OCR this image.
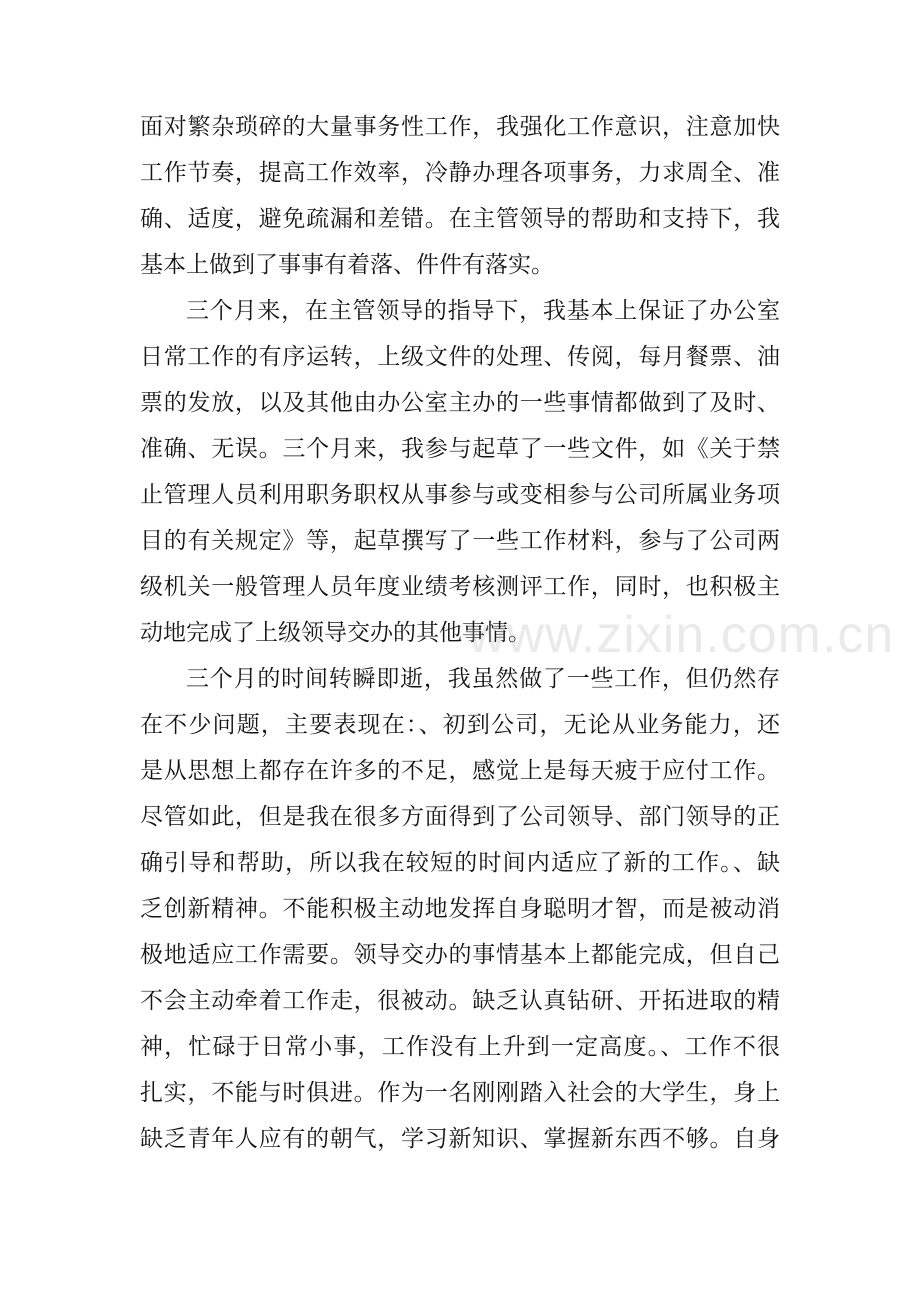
面对繁杂琐碎的大量事务性工作，我强化工作意识，注意加快
工作节奏，提高工作效率，冷静办理各项事务，力求周全、准
确、适度，避免疏漏和差错。在主管领导的帮助和支持下，我
基本上做到了事事有着落、件件有落实。
三个月来，在主管领导的指导下，我基本上保证了办公室
日常工作的有序运转，上级文件的处理、传阅，每月餐票、油
票的发放，以及其他由办公室主办的一些事情都做到了及时、
准确、无误。三个月来，我参与起草了一些文件，如《关于禁
止管理人员利用职务职权从事参与或变相参与公司所属业务项
目的有关规定》等，起草撰写了一些工作材料，参与了公司两
级机关一般管理人员年度业绩考核测评工作，同时，也积极主
动地完成了上级领导交办的其他事情。
三个月的时间转瞬即逝，我虽然做了一些工作，但仍然存
在不少问题，主要表现在：、初到公司，无论从业务能力，还
是从思想上都存在许多的不足，感觉上是每天疲于应付工作。
尽管如此，但是我在很多方面得到了公司领导、部门领导的正
确引导和帮助，所以我在较短的时间内适应了新的工作。、缺
乏创新精神。不能积极主动地发挥自身聪明才智，而是被动消
极地适应工作需要。领导交办的事情基本上都能完成，但自己
不会主动牵着工作走，很被动。缺乏认真钻研、开拓进取的精
神，忙碌于日常小事，工作没有上升到一定高度。、工作不很
扎实，不能与时俱进。作为一名刚刚踏入社会的大学生，身上
缺乏青年人应有的朝气，学习新知识、掌握新东西不够。自身
www.zixin.com.cn
